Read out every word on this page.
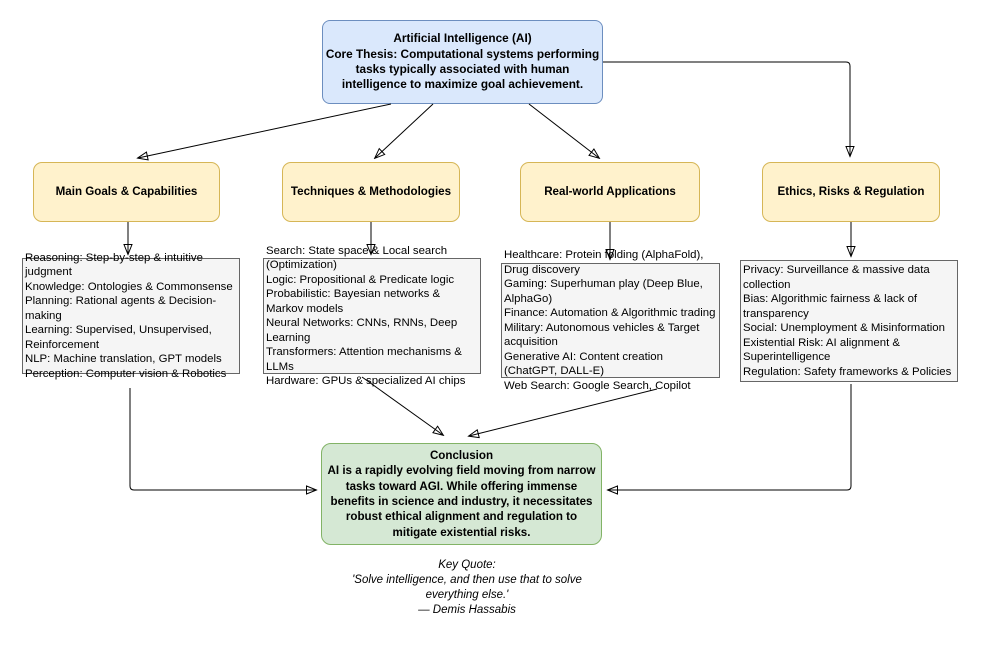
Artificial Intelligence (AI)
Core Thesis: Computational systems performing tasks typically associated with human intelligence to maximize goal achievement.
Main Goals & Capabilities	Techniques & Methodologies	Real-world Applications	Ethics, Risks & Regulation
Reasoning: Step-by-step & intuitive judgment
Knowledge: Ontologies & Commonsense
Planning: Rational agents & Decision-making
Learning: Supervised, Unsupervised, Reinforcement
NLP: Machine translation, GPT models
Perception: Computer vision & Robotics
Search: State space & Local search (Optimization)
Logic: Propositional & Predicate logic
Probabilistic: Bayesian networks & Markov models
Neural Networks: CNNs, RNNs, Deep Learning
Transformers: Attention mechanisms & LLMs
Hardware: GPUs & specialized AI chips
Healthcare: Protein folding (AlphaFold), Drug discovery
Gaming: Superhuman play (Deep Blue, AlphaGo)
Finance: Automation & Algorithmic trading
Military: Autonomous vehicles & Target acquisition
Generative AI: Content creation (ChatGPT, DALL-E)
Web Search: Google Search, Copilot
Privacy: Surveillance & massive data collection
Bias: Algorithmic fairness & lack of transparency
Social: Unemployment & Misinformation
Existential Risk: AI alignment & Superintelligence
Regulation: Safety frameworks & Policies
Conclusion
AI is a rapidly evolving field moving from narrow tasks toward AGI. While offering immense benefits in science and industry, it necessitates robust ethical alignment and regulation to mitigate existential risks.
Key Quote:
'Solve intelligence, and then use that to solve everything else.'
— Demis Hassabis
